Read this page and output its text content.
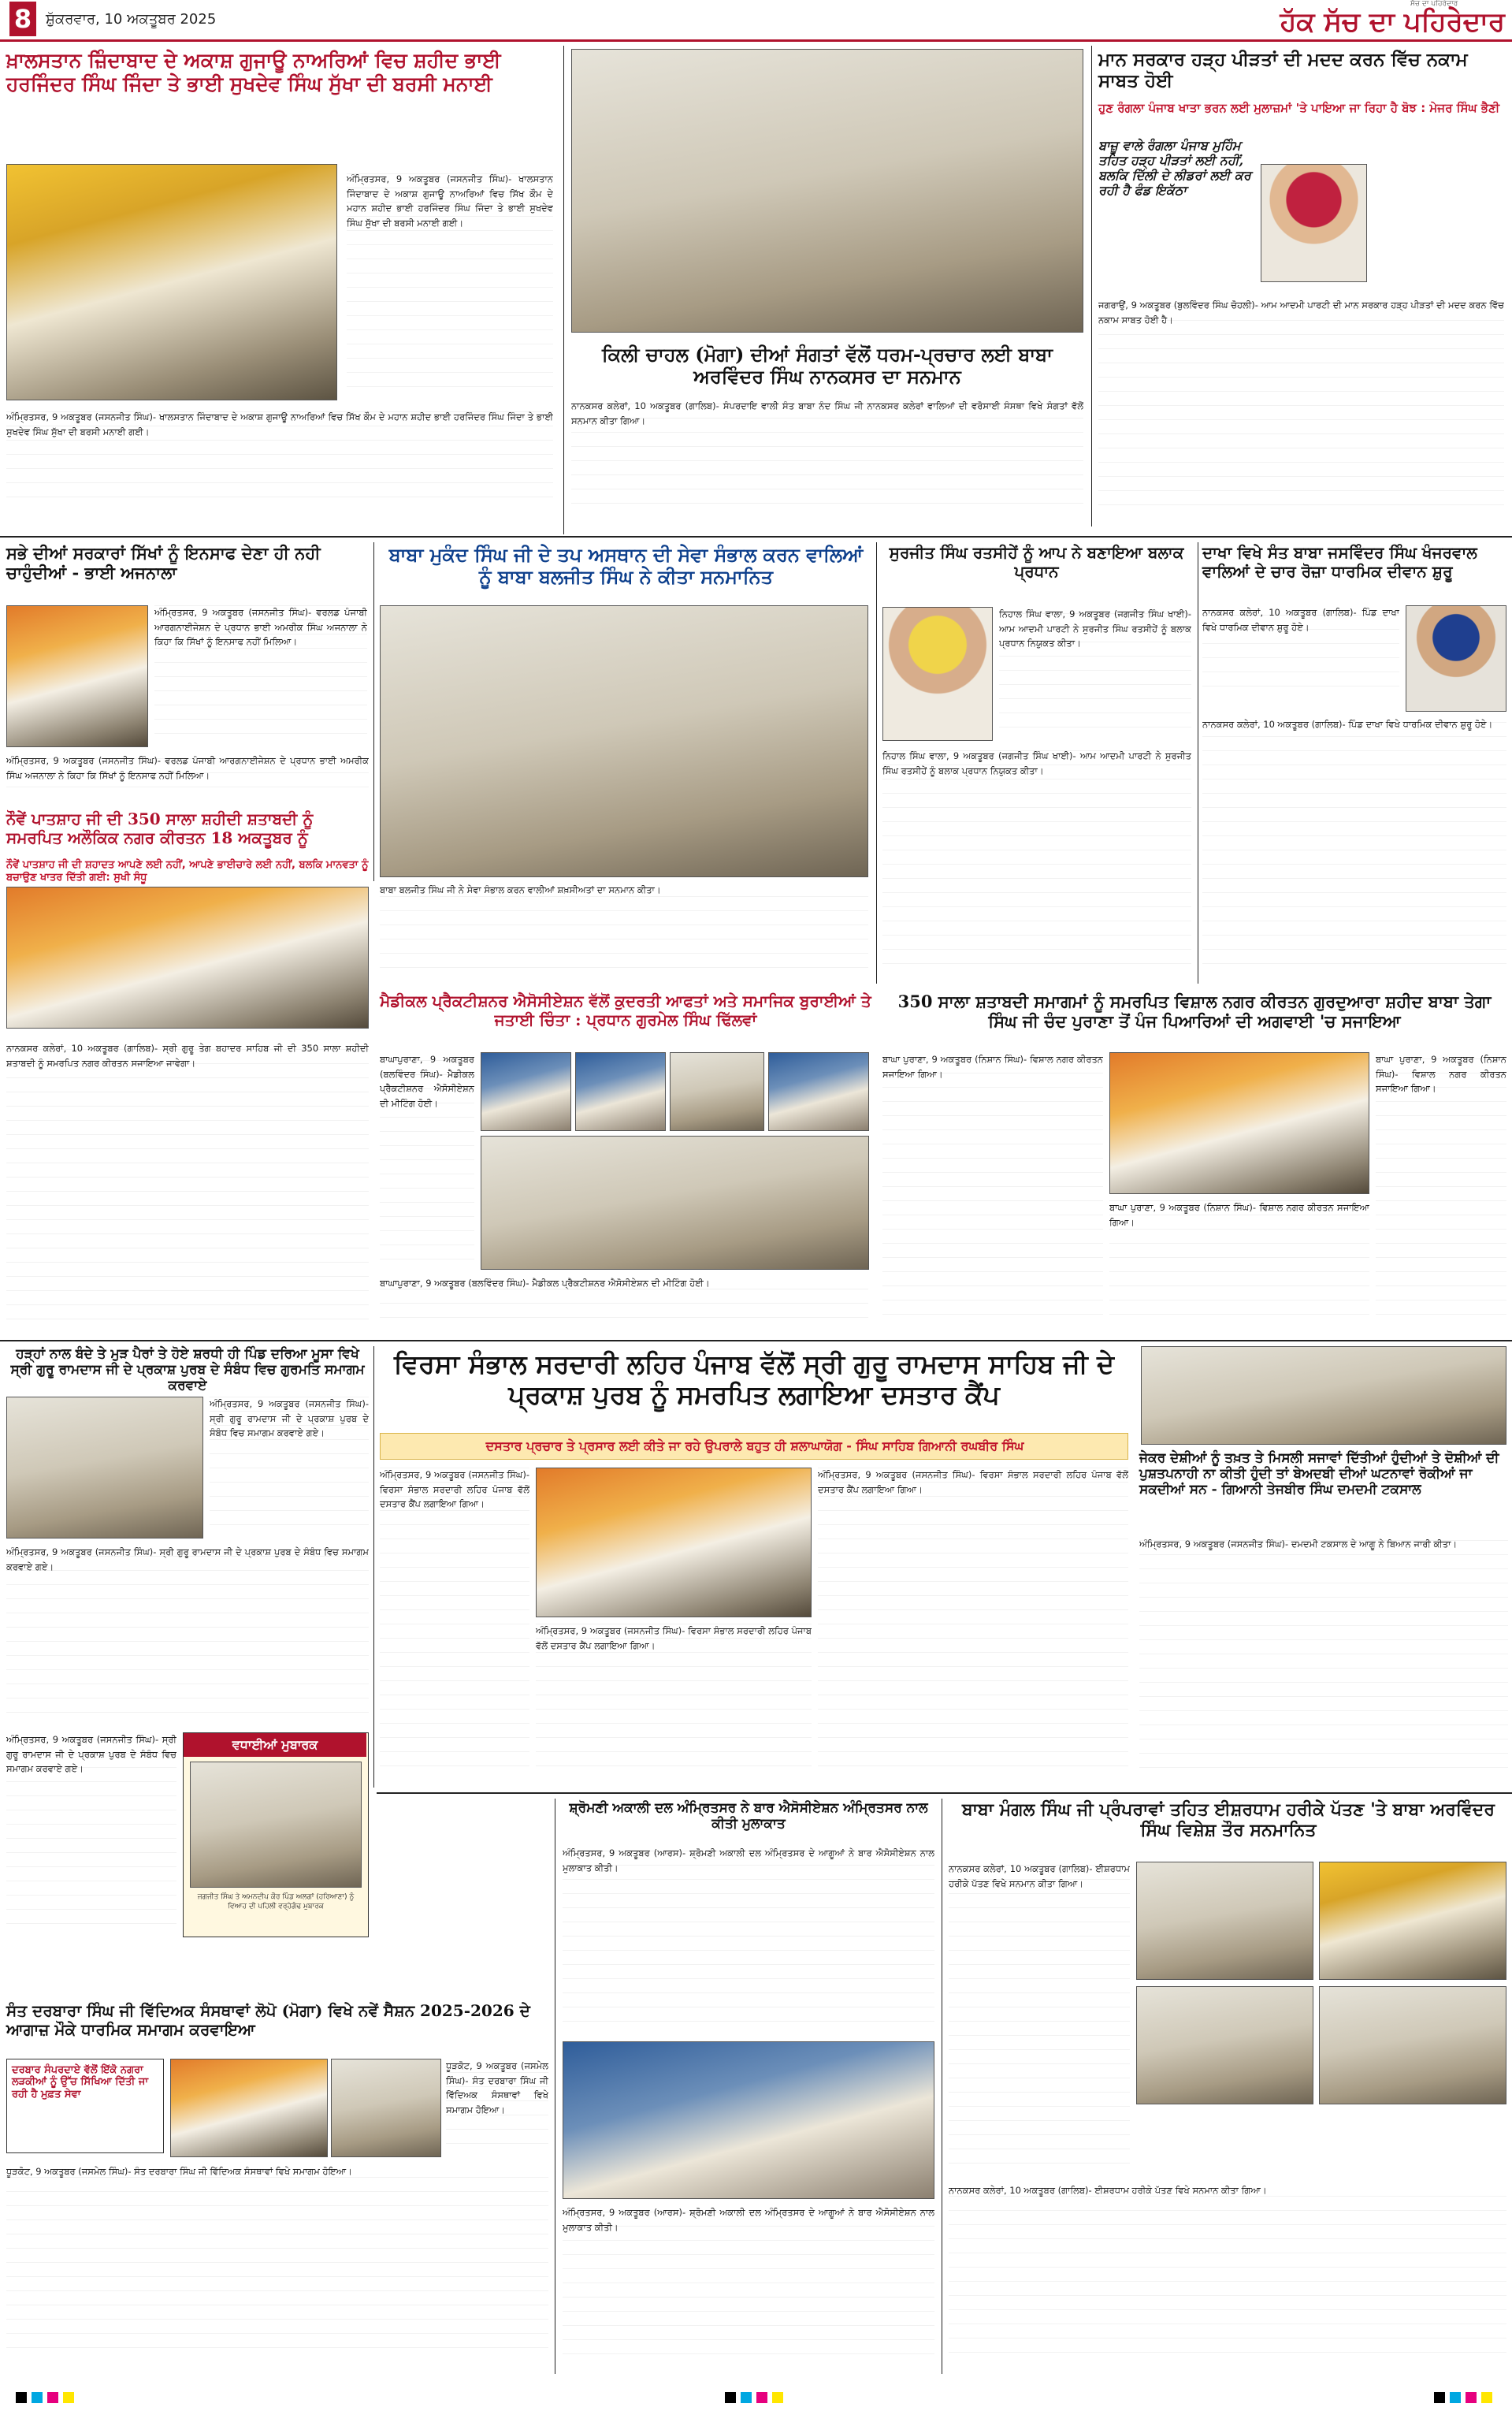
8 ਸ਼ੁੱਕਰਵਾਰ, 10 ਅਕਤੂਬਰ 2025
ਸੱਚ ਦਾ ਪਹਿਰੇਦਾਰ
ਹੱਕ ਸੱਚ ਦਾ ਪਹਿਰੇਦਾਰ
ਖ਼ਾਲਸਤਾਨ ਜ਼ਿੰਦਾਬਾਦ ਦੇ ਅਕਾਸ਼ ਗੁਜਾਊ ਨਾਅਰਿਆਂ ਵਿਚ ਸ਼ਹੀਦ ਭਾਈ ਹਰਜਿੰਦਰ ਸਿੰਘ ਜਿੰਦਾ ਤੇ ਭਾਈ ਸੁਖਦੇਵ ਸਿੰਘ ਸੁੱਖਾ ਦੀ ਬਰਸੀ ਮਨਾਈ
ਅੰਮ੍ਰਿਤਸਰ, 9 ਅਕਤੂਬਰ (ਜਸਨਜੀਤ ਸਿੰਘ)- ਖਾਲਸਤਾਨ ਜਿੰਦਾਬਾਦ ਦੇ ਅਕਾਸ਼ ਗੁਜਾਊ ਨਾਅਰਿਆਂ ਵਿਚ ਸਿੱਖ ਕੌਮ ਦੇ ਮਹਾਨ ਸ਼ਹੀਦ ਭਾਈ ਹਰਜਿੰਦਰ ਸਿੰਘ ਜਿੰਦਾ ਤੇ ਭਾਈ ਸੁਖਦੇਵ ਸਿੰਘ ਸੁੱਖਾ ਦੀ ਬਰਸੀ ਮਨਾਈ ਗਈ।
ਅੰਮ੍ਰਿਤਸਰ, 9 ਅਕਤੂਬਰ (ਜਸਨਜੀਤ ਸਿੰਘ)- ਖਾਲਸਤਾਨ ਜਿੰਦਾਬਾਦ ਦੇ ਅਕਾਸ਼ ਗੁਜਾਊ ਨਾਅਰਿਆਂ ਵਿਚ ਸਿੱਖ ਕੌਮ ਦੇ ਮਹਾਨ ਸ਼ਹੀਦ ਭਾਈ ਹਰਜਿੰਦਰ ਸਿੰਘ ਜਿੰਦਾ ਤੇ ਭਾਈ ਸੁਖਦੇਵ ਸਿੰਘ ਸੁੱਖਾ ਦੀ ਬਰਸੀ ਮਨਾਈ ਗਈ।
ਕਿਲੀ ਚਾਹਲ (ਮੋਗਾ) ਦੀਆਂ ਸੰਗਤਾਂ ਵੱਲੋਂ ਧਰਮ-ਪ੍ਰਚਾਰ ਲਈ ਬਾਬਾ ਅਰਵਿੰਦਰ ਸਿੰਘ ਨਾਨਕਸਰ ਦਾ ਸਨਮਾਨ
ਨਾਨਕਸਰ ਕਲੇਰਾਂ, 10 ਅਕਤੂਬਰ (ਗਾਲਿਬ)- ਸੰਪਰਦਾਇ ਵਾਲੀ ਸੰਤ ਬਾਬਾ ਨੰਦ ਸਿੰਘ ਜੀ ਨਾਨਕਸਰ ਕਲੇਰਾਂ ਵਾਲਿਆਂ ਦੀ ਵਰੋਸਾਈ ਸੰਸਥਾ ਵਿਖੇ ਸੰਗਤਾਂ ਵੱਲੋਂ ਸਨਮਾਨ ਕੀਤਾ ਗਿਆ।
ਮਾਨ ਸਰਕਾਰ ਹੜ੍ਹ ਪੀੜਤਾਂ ਦੀ ਮਦਦ ਕਰਨ ਵਿੱਚ ਨਕਾਮ ਸਾਬਤ ਹੋਈ
ਹੁਣ ਰੰਗਲਾ ਪੰਜਾਬ ਖਾਤਾ ਭਰਨ ਲਈ ਮੁਲਾਜ਼ਮਾਂ 'ਤੇ ਪਾਇਆ ਜਾ ਰਿਹਾ ਹੈ ਬੋਝ : ਮੇਜਰ ਸਿੰਘ ਭੈਣੀ
ਬਾਜ਼ੂ ਵਾਲੇ ਰੰਗਲਾ ਪੰਜਾਬ ਮੁਹਿੰਮ ਤਹਿਤ ਹੜ੍ਹ ਪੀੜਤਾਂ ਲਈ ਨਹੀਂ, ਬਲਕਿ ਦਿੱਲੀ ਦੇ ਲੀਡਰਾਂ ਲਈ ਕਰ ਰਹੀ ਹੈ ਫੰਡ ਇਕੱਠਾ
ਜਗਰਾਉਂ, 9 ਅਕਤੂਬਰ (ਬੁਲਵਿੰਦਰ ਸਿੰਘ ਚੋਹਲੀ)- ਆਮ ਆਦਮੀ ਪਾਰਟੀ ਦੀ ਮਾਨ ਸਰਕਾਰ ਹੜ੍ਹ ਪੀੜਤਾਂ ਦੀ ਮਦਦ ਕਰਨ ਵਿੱਚ ਨਕਾਮ ਸਾਬਤ ਹੋਈ ਹੈ।
ਸਭੇ ਦੀਆਂ ਸਰਕਾਰਾਂ ਸਿੱਖਾਂ ਨੂੰ ਇਨਸਾਫ ਦੇਣਾ ਹੀ ਨਹੀ ਚਾਹੁੰਦੀਆਂ - ਭਾਈ ਅਜਨਾਲਾ
ਅੰਮ੍ਰਿਤਸਰ, 9 ਅਕਤੂਬਰ (ਜਸਨਜੀਤ ਸਿੰਘ)- ਵਰਲਡ ਪੰਜਾਬੀ ਆਰਗਨਾਈਜੇਸ਼ਨ ਦੇ ਪ੍ਰਧਾਨ ਭਾਈ ਅਮਰੀਕ ਸਿੰਘ ਅਜਨਾਲਾ ਨੇ ਕਿਹਾ ਕਿ ਸਿੱਖਾਂ ਨੂੰ ਇਨਸਾਫ ਨਹੀਂ ਮਿਲਿਆ।
ਅੰਮ੍ਰਿਤਸਰ, 9 ਅਕਤੂਬਰ (ਜਸਨਜੀਤ ਸਿੰਘ)- ਵਰਲਡ ਪੰਜਾਬੀ ਆਰਗਨਾਈਜੇਸ਼ਨ ਦੇ ਪ੍ਰਧਾਨ ਭਾਈ ਅਮਰੀਕ ਸਿੰਘ ਅਜਨਾਲਾ ਨੇ ਕਿਹਾ ਕਿ ਸਿੱਖਾਂ ਨੂੰ ਇਨਸਾਫ ਨਹੀਂ ਮਿਲਿਆ।
ਨੌਵੇਂ ਪਾਤਸ਼ਾਹ ਜੀ ਦੀ 350 ਸਾਲਾ ਸ਼ਹੀਦੀ ਸ਼ਤਾਬਦੀ ਨੂੰ ਸਮਰਪਿਤ ਅਲੌਕਿਕ ਨਗਰ ਕੀਰਤਨ 18 ਅਕਤੂਬਰ ਨੂੰ
ਨੌਵੇਂ ਪਾਤਸ਼ਾਹ ਜੀ ਦੀ ਸ਼ਹਾਦਤ ਆਪਣੇ ਲਈ ਨਹੀਂ, ਆਪਣੇ ਭਾਈਚਾਰੇ ਲਈ ਨਹੀਂ, ਬਲਕਿ ਮਾਨਵਤਾ ਨੂੰ ਬਚਾਉਣ ਖਾਤਰ ਦਿੱਤੀ ਗਈ: ਸੁਖੀ ਸੰਧੂ
ਬਾਬਾ ਮੁਕੰਦ ਸਿੰਘ ਜੀ ਦੇ ਤਪ ਅਸਥਾਨ ਦੀ ਸੇਵਾ ਸੰਭਾਲ ਕਰਨ ਵਾਲਿਆਂ ਨੂੰ ਬਾਬਾ ਬਲਜੀਤ ਸਿੰਘ ਨੇ ਕੀਤਾ ਸਨਮਾਨਿਤ
ਬਾਬਾ ਬਲਜੀਤ ਸਿੰਘ ਜੀ ਨੇ ਸੇਵਾ ਸੰਭਾਲ ਕਰਨ ਵਾਲੀਆਂ ਸ਼ਖ਼ਸੀਅਤਾਂ ਦਾ ਸਨਮਾਨ ਕੀਤਾ।
ਸੁਰਜੀਤ ਸਿੰਘ ਰਤਸੀਹੇਂ ਨੂੰ ਆਪ ਨੇ ਬਣਾਇਆ ਬਲਾਕ ਪ੍ਰਧਾਨ
ਨਿਹਾਲ ਸਿੰਘ ਵਾਲਾ, 9 ਅਕਤੂਬਰ (ਜਗਜੀਤ ਸਿੰਘ ਖਾਈ)- ਆਮ ਆਦਮੀ ਪਾਰਟੀ ਨੇ ਸੁਰਜੀਤ ਸਿੰਘ ਰਤਸੀਹੇਂ ਨੂੰ ਬਲਾਕ ਪ੍ਰਧਾਨ ਨਿਯੁਕਤ ਕੀਤਾ।
ਨਿਹਾਲ ਸਿੰਘ ਵਾਲਾ, 9 ਅਕਤੂਬਰ (ਜਗਜੀਤ ਸਿੰਘ ਖਾਈ)- ਆਮ ਆਦਮੀ ਪਾਰਟੀ ਨੇ ਸੁਰਜੀਤ ਸਿੰਘ ਰਤਸੀਹੇਂ ਨੂੰ ਬਲਾਕ ਪ੍ਰਧਾਨ ਨਿਯੁਕਤ ਕੀਤਾ।
ਦਾਖਾ ਵਿਖੇ ਸੰਤ ਬਾਬਾ ਜਸਵਿੰਦਰ ਸਿੰਘ ਖੰਜਰਵਾਲ ਵਾਲਿਆਂ ਦੇ ਚਾਰ ਰੋਜ਼ਾ ਧਾਰਮਿਕ ਦੀਵਾਨ ਸ਼ੁਰੂ
ਨਾਨਕਸਰ ਕਲੇਰਾਂ, 10 ਅਕਤੂਬਰ (ਗਾਲਿਬ)- ਪਿੰਡ ਦਾਖਾ ਵਿਖੇ ਧਾਰਮਿਕ ਦੀਵਾਨ ਸ਼ੁਰੂ ਹੋਏ।
ਨਾਨਕਸਰ ਕਲੇਰਾਂ, 10 ਅਕਤੂਬਰ (ਗਾਲਿਬ)- ਪਿੰਡ ਦਾਖਾ ਵਿਖੇ ਧਾਰਮਿਕ ਦੀਵਾਨ ਸ਼ੁਰੂ ਹੋਏ।
ਨਾਨਕਸਰ ਕਲੇਰਾਂ, 10 ਅਕਤੂਬਰ (ਗਾਲਿਬ)- ਸ੍ਰੀ ਗੁਰੂ ਤੇਗ ਬਹਾਦਰ ਸਾਹਿਬ ਜੀ ਦੀ 350 ਸਾਲਾ ਸ਼ਹੀਦੀ ਸ਼ਤਾਬਦੀ ਨੂੰ ਸਮਰਪਿਤ ਨਗਰ ਕੀਰਤਨ ਸਜਾਇਆ ਜਾਵੇਗਾ।
ਮੈਡੀਕਲ ਪ੍ਰੈਕਟੀਸ਼ਨਰ ਐਸੋਸੀਏਸ਼ਨ ਵੱਲੋਂ ਕੁਦਰਤੀ ਆਫਤਾਂ ਅਤੇ ਸਮਾਜਿਕ ਬੁਰਾਈਆਂ ਤੇ ਜਤਾਈ ਚਿੰਤਾ : ਪ੍ਰਧਾਨ ਗੁਰਮੇਲ ਸਿੰਘ ਢਿੱਲਵਾਂ
ਬਾਘਾਪੁਰਾਣਾ, 9 ਅਕਤੂਬਰ (ਬਲਵਿੰਦਰ ਸਿੰਘ)- ਮੈਡੀਕਲ ਪ੍ਰੈਕਟੀਸ਼ਨਰ ਐਸੋਸੀਏਸ਼ਨ ਦੀ ਮੀਟਿੰਗ ਹੋਈ।
ਬਾਘਾਪੁਰਾਣਾ, 9 ਅਕਤੂਬਰ (ਬਲਵਿੰਦਰ ਸਿੰਘ)- ਮੈਡੀਕਲ ਪ੍ਰੈਕਟੀਸ਼ਨਰ ਐਸੋਸੀਏਸ਼ਨ ਦੀ ਮੀਟਿੰਗ ਹੋਈ।
350 ਸਾਲਾ ਸ਼ਤਾਬਦੀ ਸਮਾਗਮਾਂ ਨੂੰ ਸਮਰਪਿਤ ਵਿਸ਼ਾਲ ਨਗਰ ਕੀਰਤਨ ਗੁਰਦੁਆਰਾ ਸ਼ਹੀਦ ਬਾਬਾ ਤੇਗਾ ਸਿੰਘ ਜੀ ਚੰਦ ਪੁਰਾਣਾ ਤੋਂ ਪੰਜ ਪਿਆਰਿਆਂ ਦੀ ਅਗਵਾਈ 'ਚ ਸਜਾਇਆ
ਬਾਘਾ ਪੁਰਾਣਾ, 9 ਅਕਤੂਬਰ (ਨਿਸ਼ਾਨ ਸਿੰਘ)- ਵਿਸ਼ਾਲ ਨਗਰ ਕੀਰਤਨ ਸਜਾਇਆ ਗਿਆ।
ਬਾਘਾ ਪੁਰਾਣਾ, 9 ਅਕਤੂਬਰ (ਨਿਸ਼ਾਨ ਸਿੰਘ)- ਵਿਸ਼ਾਲ ਨਗਰ ਕੀਰਤਨ ਸਜਾਇਆ ਗਿਆ।
ਬਾਘਾ ਪੁਰਾਣਾ, 9 ਅਕਤੂਬਰ (ਨਿਸ਼ਾਨ ਸਿੰਘ)- ਵਿਸ਼ਾਲ ਨਗਰ ਕੀਰਤਨ ਸਜਾਇਆ ਗਿਆ।
ਹੜ੍ਹਾਂ ਨਾਲ ਬੰਦੇ ਤੇ ਮੁੜ ਪੈਰਾਂ ਤੇ ਹੋਏ ਸ਼ਰਧੀ ਹੀ ਪਿੰਡ ਦਰਿਆ ਮੂਸਾ ਵਿਖੇ ਸ੍ਰੀ ਗੁਰੂ ਰਾਮਦਾਸ ਜੀ ਦੇ ਪ੍ਰਕਾਸ਼ ਪੁਰਬ ਦੇ ਸੰਬੰਧ ਵਿਚ ਗੁਰਮਤਿ ਸਮਾਗਮ ਕਰਵਾਏ
ਅੰਮ੍ਰਿਤਸਰ, 9 ਅਕਤੂਬਰ (ਜਸਨਜੀਤ ਸਿੰਘ)- ਸ੍ਰੀ ਗੁਰੂ ਰਾਮਦਾਸ ਜੀ ਦੇ ਪ੍ਰਕਾਸ਼ ਪੁਰਬ ਦੇ ਸੰਬੰਧ ਵਿਚ ਸਮਾਗਮ ਕਰਵਾਏ ਗਏ।
ਅੰਮ੍ਰਿਤਸਰ, 9 ਅਕਤੂਬਰ (ਜਸਨਜੀਤ ਸਿੰਘ)- ਸ੍ਰੀ ਗੁਰੂ ਰਾਮਦਾਸ ਜੀ ਦੇ ਪ੍ਰਕਾਸ਼ ਪੁਰਬ ਦੇ ਸੰਬੰਧ ਵਿਚ ਸਮਾਗਮ ਕਰਵਾਏ ਗਏ।
ਵਧਾਈਆਂ ਮੁਬਾਰਕ
ਜਗਜੀਤ ਸਿੰਘ ਤੇ ਅਮਨਦੀਪ ਕੌਰ ਪਿੰਡ ਅਲਗਾਂ (ਹਰਿਆਣਾ) ਨੂੰ ਵਿਆਹ ਦੀ ਪਹਿਲੀ ਵਰ੍ਹੇਗੰਢ ਮੁਬਾਰਕ
ਅੰਮ੍ਰਿਤਸਰ, 9 ਅਕਤੂਬਰ (ਜਸਨਜੀਤ ਸਿੰਘ)- ਸ੍ਰੀ ਗੁਰੂ ਰਾਮਦਾਸ ਜੀ ਦੇ ਪ੍ਰਕਾਸ਼ ਪੁਰਬ ਦੇ ਸੰਬੰਧ ਵਿਚ ਸਮਾਗਮ ਕਰਵਾਏ ਗਏ।
ਵਿਰਸਾ ਸੰਭਾਲ ਸਰਦਾਰੀ ਲਹਿਰ ਪੰਜਾਬ ਵੱਲੋਂ ਸ੍ਰੀ ਗੁਰੂ ਰਾਮਦਾਸ ਸਾਹਿਬ ਜੀ ਦੇ ਪ੍ਰਕਾਸ਼ ਪੁਰਬ ਨੂੰ ਸਮਰਪਿਤ ਲਗਾਇਆ ਦਸਤਾਰ ਕੈਂਪ
ਦਸਤਾਰ ਪ੍ਰਚਾਰ ਤੇ ਪ੍ਰਸਾਰ ਲਈ ਕੀਤੇ ਜਾ ਰਹੇ ਉਪਰਾਲੇ ਬਹੁਤ ਹੀ ਸ਼ਲਾਘਾਯੋਗ - ਸਿੰਘ ਸਾਹਿਬ ਗਿਆਨੀ ਰਘਬੀਰ ਸਿੰਘ
ਅੰਮ੍ਰਿਤਸਰ, 9 ਅਕਤੂਬਰ (ਜਸਨਜੀਤ ਸਿੰਘ)- ਵਿਰਸਾ ਸੰਭਾਲ ਸਰਦਾਰੀ ਲਹਿਰ ਪੰਜਾਬ ਵੱਲੋਂ ਦਸਤਾਰ ਕੈਂਪ ਲਗਾਇਆ ਗਿਆ।
ਅੰਮ੍ਰਿਤਸਰ, 9 ਅਕਤੂਬਰ (ਜਸਨਜੀਤ ਸਿੰਘ)- ਵਿਰਸਾ ਸੰਭਾਲ ਸਰਦਾਰੀ ਲਹਿਰ ਪੰਜਾਬ ਵੱਲੋਂ ਦਸਤਾਰ ਕੈਂਪ ਲਗਾਇਆ ਗਿਆ।
ਅੰਮ੍ਰਿਤਸਰ, 9 ਅਕਤੂਬਰ (ਜਸਨਜੀਤ ਸਿੰਘ)- ਵਿਰਸਾ ਸੰਭਾਲ ਸਰਦਾਰੀ ਲਹਿਰ ਪੰਜਾਬ ਵੱਲੋਂ ਦਸਤਾਰ ਕੈਂਪ ਲਗਾਇਆ ਗਿਆ।
ਜੇਕਰ ਦੇਸ਼ੀਆਂ ਨੂੰ ਤਖ਼ਤ ਤੇ ਮਿਸਲੀ ਸਜਾਵਾਂ ਦਿੱਤੀਆਂ ਹੁੰਦੀਆਂ ਤੇ ਦੋਸ਼ੀਆਂ ਦੀ ਪੁਸ਼ਤਪਨਾਹੀ ਨਾ ਕੀਤੀ ਹੁੰਦੀ ਤਾਂ ਬੇਅਦਬੀ ਦੀਆਂ ਘਟਨਾਵਾਂ ਰੋਕੀਆਂ ਜਾ ਸਕਦੀਆਂ ਸਨ - ਗਿਆਨੀ ਤੇਜਬੀਰ ਸਿੰਘ ਦਮਦਮੀ ਟਕਸਾਲ
ਅੰਮ੍ਰਿਤਸਰ, 9 ਅਕਤੂਬਰ (ਜਸਨਜੀਤ ਸਿੰਘ)- ਦਮਦਮੀ ਟਕਸਾਲ ਦੇ ਆਗੂ ਨੇ ਬਿਆਨ ਜਾਰੀ ਕੀਤਾ।
ਸੰਤ ਦਰਬਾਰਾ ਸਿੰਘ ਜੀ ਵਿੱਦਿਅਕ ਸੰਸਥਾਵਾਂ ਲੋਪੋ (ਮੋਗਾ) ਵਿਖੇ ਨਵੇਂ ਸੈਸ਼ਨ 2025-2026 ਦੇ ਆਗਾਜ਼ ਮੌਕੇ ਧਾਰਮਿਕ ਸਮਾਗਮ ਕਰਵਾਇਆ
ਦਰਬਾਰ ਸੰਪਰਦਾਏ ਵੱਲੋਂ ਇੱਕੋ ਨਗਰਾ ਲੜਕੀਆਂ ਨੂੰ ਉੱਚ ਸਿੱਖਿਆ ਦਿੱਤੀ ਜਾ ਰਹੀ ਹੈ ਮੁਫ਼ਤ ਸੇਵਾ
ਧੂੜਕੋਟ, 9 ਅਕਤੂਬਰ (ਜਸਮੇਲ ਸਿੰਘ)- ਸੰਤ ਦਰਬਾਰਾ ਸਿੰਘ ਜੀ ਵਿੱਦਿਅਕ ਸੰਸਥਾਵਾਂ ਵਿਖੇ ਸਮਾਗਮ ਹੋਇਆ।
ਧੂੜਕੋਟ, 9 ਅਕਤੂਬਰ (ਜਸਮੇਲ ਸਿੰਘ)- ਸੰਤ ਦਰਬਾਰਾ ਸਿੰਘ ਜੀ ਵਿੱਦਿਅਕ ਸੰਸਥਾਵਾਂ ਵਿਖੇ ਸਮਾਗਮ ਹੋਇਆ।
ਸ਼੍ਰੋਮਣੀ ਅਕਾਲੀ ਦਲ ਅੰਮ੍ਰਿਤਸਰ ਨੇ ਬਾਰ ਐਸੋਸੀਏਸ਼ਨ ਅੰਮ੍ਰਿਤਸਰ ਨਾਲ ਕੀਤੀ ਮੁਲਾਕਾਤ
ਅੰਮ੍ਰਿਤਸਰ, 9 ਅਕਤੂਬਰ (ਆਰਸ)- ਸ਼੍ਰੋਮਣੀ ਅਕਾਲੀ ਦਲ ਅੰਮ੍ਰਿਤਸਰ ਦੇ ਆਗੂਆਂ ਨੇ ਬਾਰ ਐਸੋਸੀਏਸ਼ਨ ਨਾਲ ਮੁਲਾਕਾਤ ਕੀਤੀ।
ਅੰਮ੍ਰਿਤਸਰ, 9 ਅਕਤੂਬਰ (ਆਰਸ)- ਸ਼੍ਰੋਮਣੀ ਅਕਾਲੀ ਦਲ ਅੰਮ੍ਰਿਤਸਰ ਦੇ ਆਗੂਆਂ ਨੇ ਬਾਰ ਐਸੋਸੀਏਸ਼ਨ ਨਾਲ ਮੁਲਾਕਾਤ ਕੀਤੀ।
ਬਾਬਾ ਮੰਗਲ ਸਿੰਘ ਜੀ ਪ੍ਰੰਪਰਾਵਾਂ ਤਹਿਤ ਈਸ਼ਰਧਾਮ ਹਰੀਕੇ ਪੱਤਣ 'ਤੇ ਬਾਬਾ ਅਰਵਿੰਦਰ ਸਿੰਘ ਵਿਸ਼ੇਸ਼ ਤੌਰ ਸਨਮਾਨਿਤ
ਨਾਨਕਸਰ ਕਲੇਰਾਂ, 10 ਅਕਤੂਬਰ (ਗਾਲਿਬ)- ਈਸ਼ਰਧਾਮ ਹਰੀਕੇ ਪੱਤਣ ਵਿਖੇ ਸਨਮਾਨ ਕੀਤਾ ਗਿਆ।
ਨਾਨਕਸਰ ਕਲੇਰਾਂ, 10 ਅਕਤੂਬਰ (ਗਾਲਿਬ)- ਈਸ਼ਰਧਾਮ ਹਰੀਕੇ ਪੱਤਣ ਵਿਖੇ ਸਨਮਾਨ ਕੀਤਾ ਗਿਆ।
